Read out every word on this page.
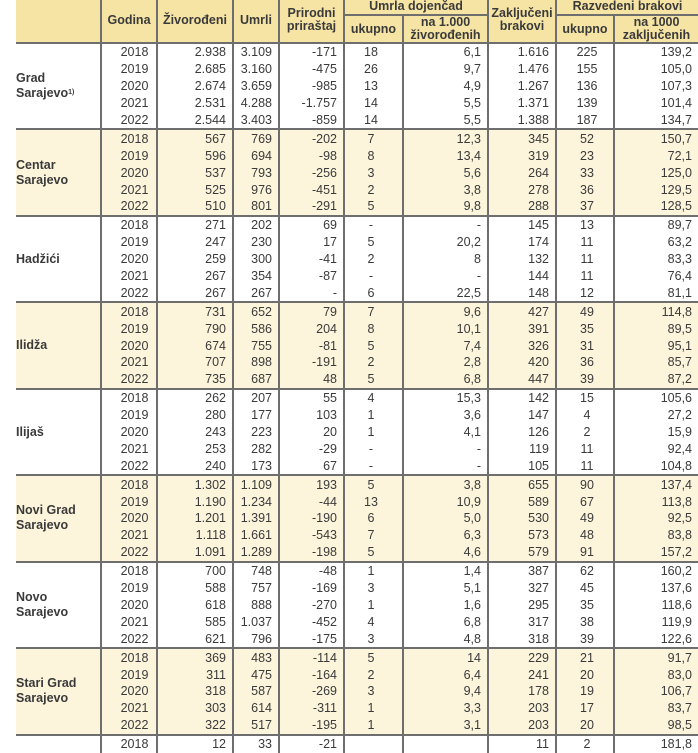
	Godina	Živorođeni	Umrli	Prirodni priraštaj	Umrla dojenčad		Zaključeni brakovi	Razvedeni brakovi	
					ukupno	na 1.000 živorođenih		ukupno	na 1000 zaključenih
Grad Sarajevo$^{1)}$	2018	2.938	3.109	-171	18	6,1	1.616	225	139,2
	2019	2.685	3.160	-475	26	9,7	1.476	155	105,0
	2020	2.674	3.659	-985	13	4,9	1.267	136	107,3
	2021	2.531	4.288	-1.757	14	5,5	1.371	139	101,4
	2022	2.544	3.403	-859	14	5,5	1.388	187	134,7
Centar Sarajevo	2018	567	769	-202	7	12,3	345	52	150,7
	2019	596	694	-98	8	13,4	319	23	72,1
	2020	537	793	-256	3	5,6	264	33	125,0
	2021	525	976	-451	2	3,8	278	36	129,5
	2022	510	801	-291	5	9,8	288	37	128,5
Hadžići	2018	271	202	69	-	-	145	13	89,7
	2019	247	230	17	5	20,2	174	11	63,2
	2020	259	300	-41	2	8	132	11	83,3
	2021	267	354	-87	-	-	144	11	76,4
	2022	267	267	-	6	22,5	148	12	81,1
Ilidža	2018	731	652	79	7	9,6	427	49	114,8
	2019	790	586	204	8	10,1	391	35	89,5
	2020	674	755	-81	5	7,4	326	31	95,1
	2021	707	898	-191	2	2,8	420	36	85,7
	2022	735	687	48	5	6,8	447	39	87,2
Ilijaš	2018	262	207	55	4	15,3	142	15	105,6
	2019	280	177	103	1	3,6	147	4	27,2
	2020	243	223	20	1	4,1	126	2	15,9
	2021	253	282	-29	-	-	119	11	92,4
	2022	240	173	67	-	-	105	11	104,8
Novi Grad Sarajevo	2018	1.302	1.109	193	5	3,8	655	90	137,4
	2019	1.190	1.234	-44	13	10,9	589	67	113,8
	2020	1.201	1.391	-190	6	5,0	530	49	92,5
	2021	1.118	1.661	-543	7	6,3	573	48	83,8
	2022	1.091	1.289	-198	5	4,6	579	91	157,2
Novo Sarajevo	2018	700	748	-48	1	1,4	387	62	160,2
	2019	588	757	-169	3	5,1	327	45	137,6
	2020	618	888	-270	1	1,6	295	35	118,6
	2021	585	1.037	-452	4	6,8	317	38	119,9
	2022	621	796	-175	3	4,8	318	39	122,6
Stari Grad Sarajevo	2018	369	483	-114	5	14	229	21	91,7
	2019	311	475	-164	2	6,4	241	20	83,0
	2020	318	587	-269	3	9,4	178	19	106,7
	2021	303	614	-311	1	3,3	203	17	83,7
	2022	322	517	-195	1	3,1	203	20	98,5
	2018	12	33	-21			11	2	181,8
